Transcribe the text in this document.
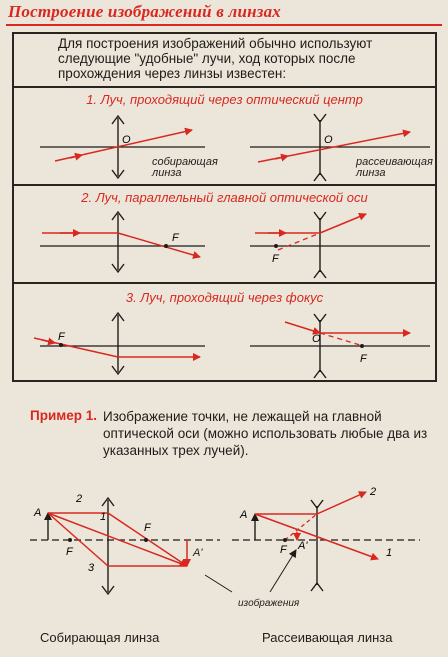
Построение изображений в линзах
Для построения изображений обычно используют следующие "удобные" лучи, ход которых после прохождения через линзы известен:
1. Луч, проходящий через оптический центр
2. Луч, параллельный главной оптической оси
3. Луч, проходящий через фокус
O	O
F
F
F
F
O
A
A'
F
F
2
3
1	A
A'
F
2
1
собирающая
линза
рассеивающая
линза
изображения
Пример 1. Изображение точки, не лежащей на главной оптической оси (можно использовать любые два из указанных трех лучей).
Собирающая линза	Рассеивающая линза
